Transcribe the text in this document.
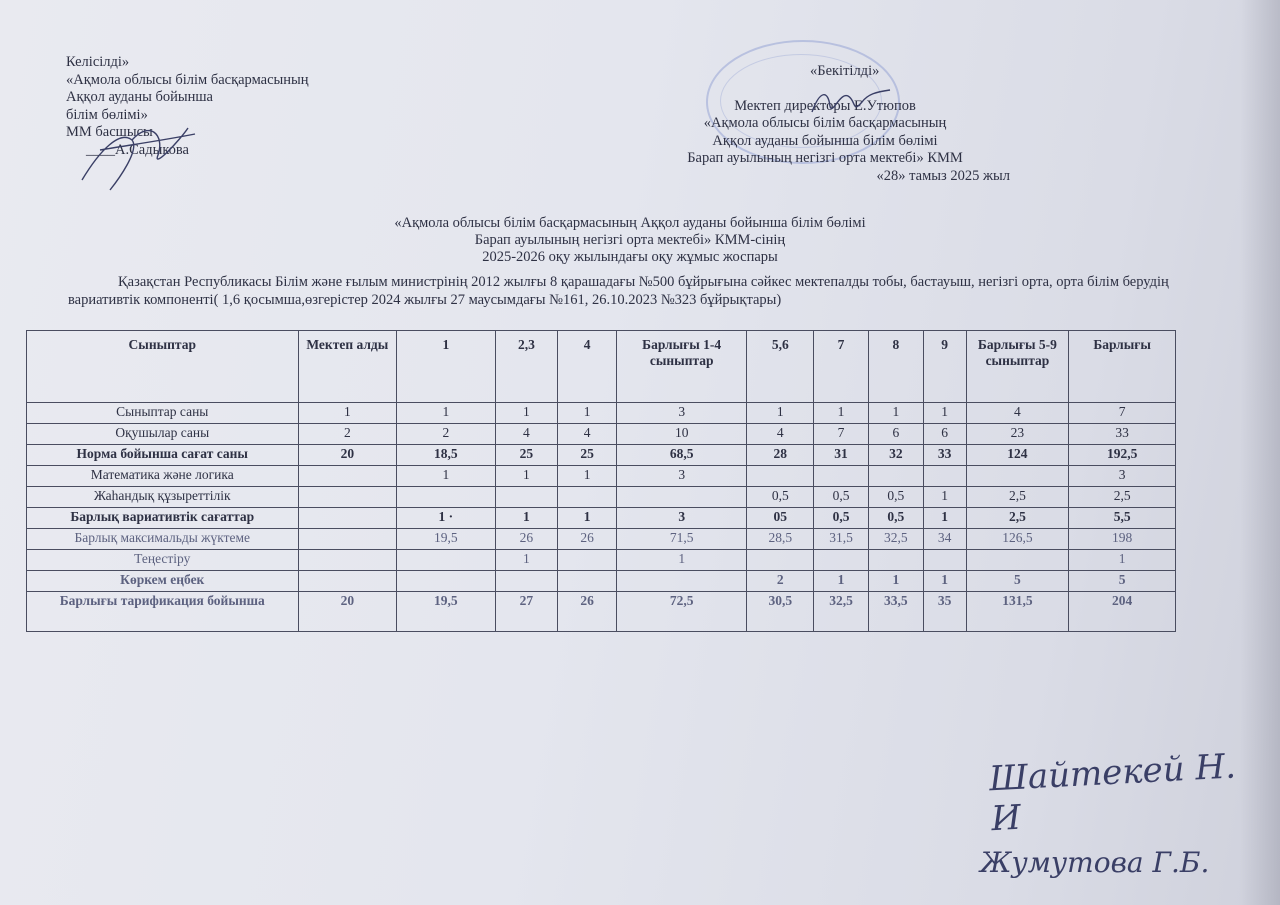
Келісілді»
«Ақмола облысы білім басқармасының
Аққол ауданы бойынша
білім бөлімі»
ММ басшысы
____А.Садыкова
«Бекітілді»
Мектеп директоры Е.Утюпов
«Ақмола облысы білім басқармасының
Аққол ауданы бойынша білім бөлімі
Барап ауылының негізгі орта мектебі» КММ
«28» тамыз 2025 жыл
«Ақмола облысы білім басқармасының Аққол ауданы бойынша білім бөлімі
Барап ауылының негізгі орта мектебі» КММ-сінің
2025-2026 оқу жылындағы оқу жұмыс жоспары
Қазақстан Республикасы Білім және ғылым министрінің 2012 жылғы 8 қарашадағы №500 бұйрығына сәйкес мектепалды тобы, бастауыш, негізгі орта, орта білім берудің вариативтік компоненті( 1,6 қосымша,өзгерістер 2024 жылғы 27 маусымдағы №161, 26.10.2023 №323 бұйрықтары)
Сыныптар	Мектеп алды	1	2,3	4	Барлығы 1-4 сыныптар	5,6	7	8	9	Барлығы 5-9 сыныптар	Барлығы
Сыныптар саны	1	1	1	1	3	1	1	1	1	4	7
Оқушылар саны	2	2	4	4	10	4	7	6	6	23	33
Норма бойынша сағат саны	20	18,5	25	25	68,5	28	31	32	33	124	192,5
Математика және логика		1	1	1	3						3
Жаһандық құзыреттілік						0,5	0,5	0,5	1	2,5	2,5
Барлық вариативтік сағаттар		1 ·	1	1	3	05	0,5	0,5	1	2,5	5,5
Барлық максимальды жүктеме		19,5	26	26	71,5	28,5	31,5	32,5	34	126,5	198
Теңестіру			1		1						1
Көркем еңбек						2	1	1	1	5	5
Барлығы тарификация бойынша	20	19,5	27	26	72,5	30,5	32,5	33,5	35	131,5	204
Шайтекей Н. И
Жумутова Г.Б.
